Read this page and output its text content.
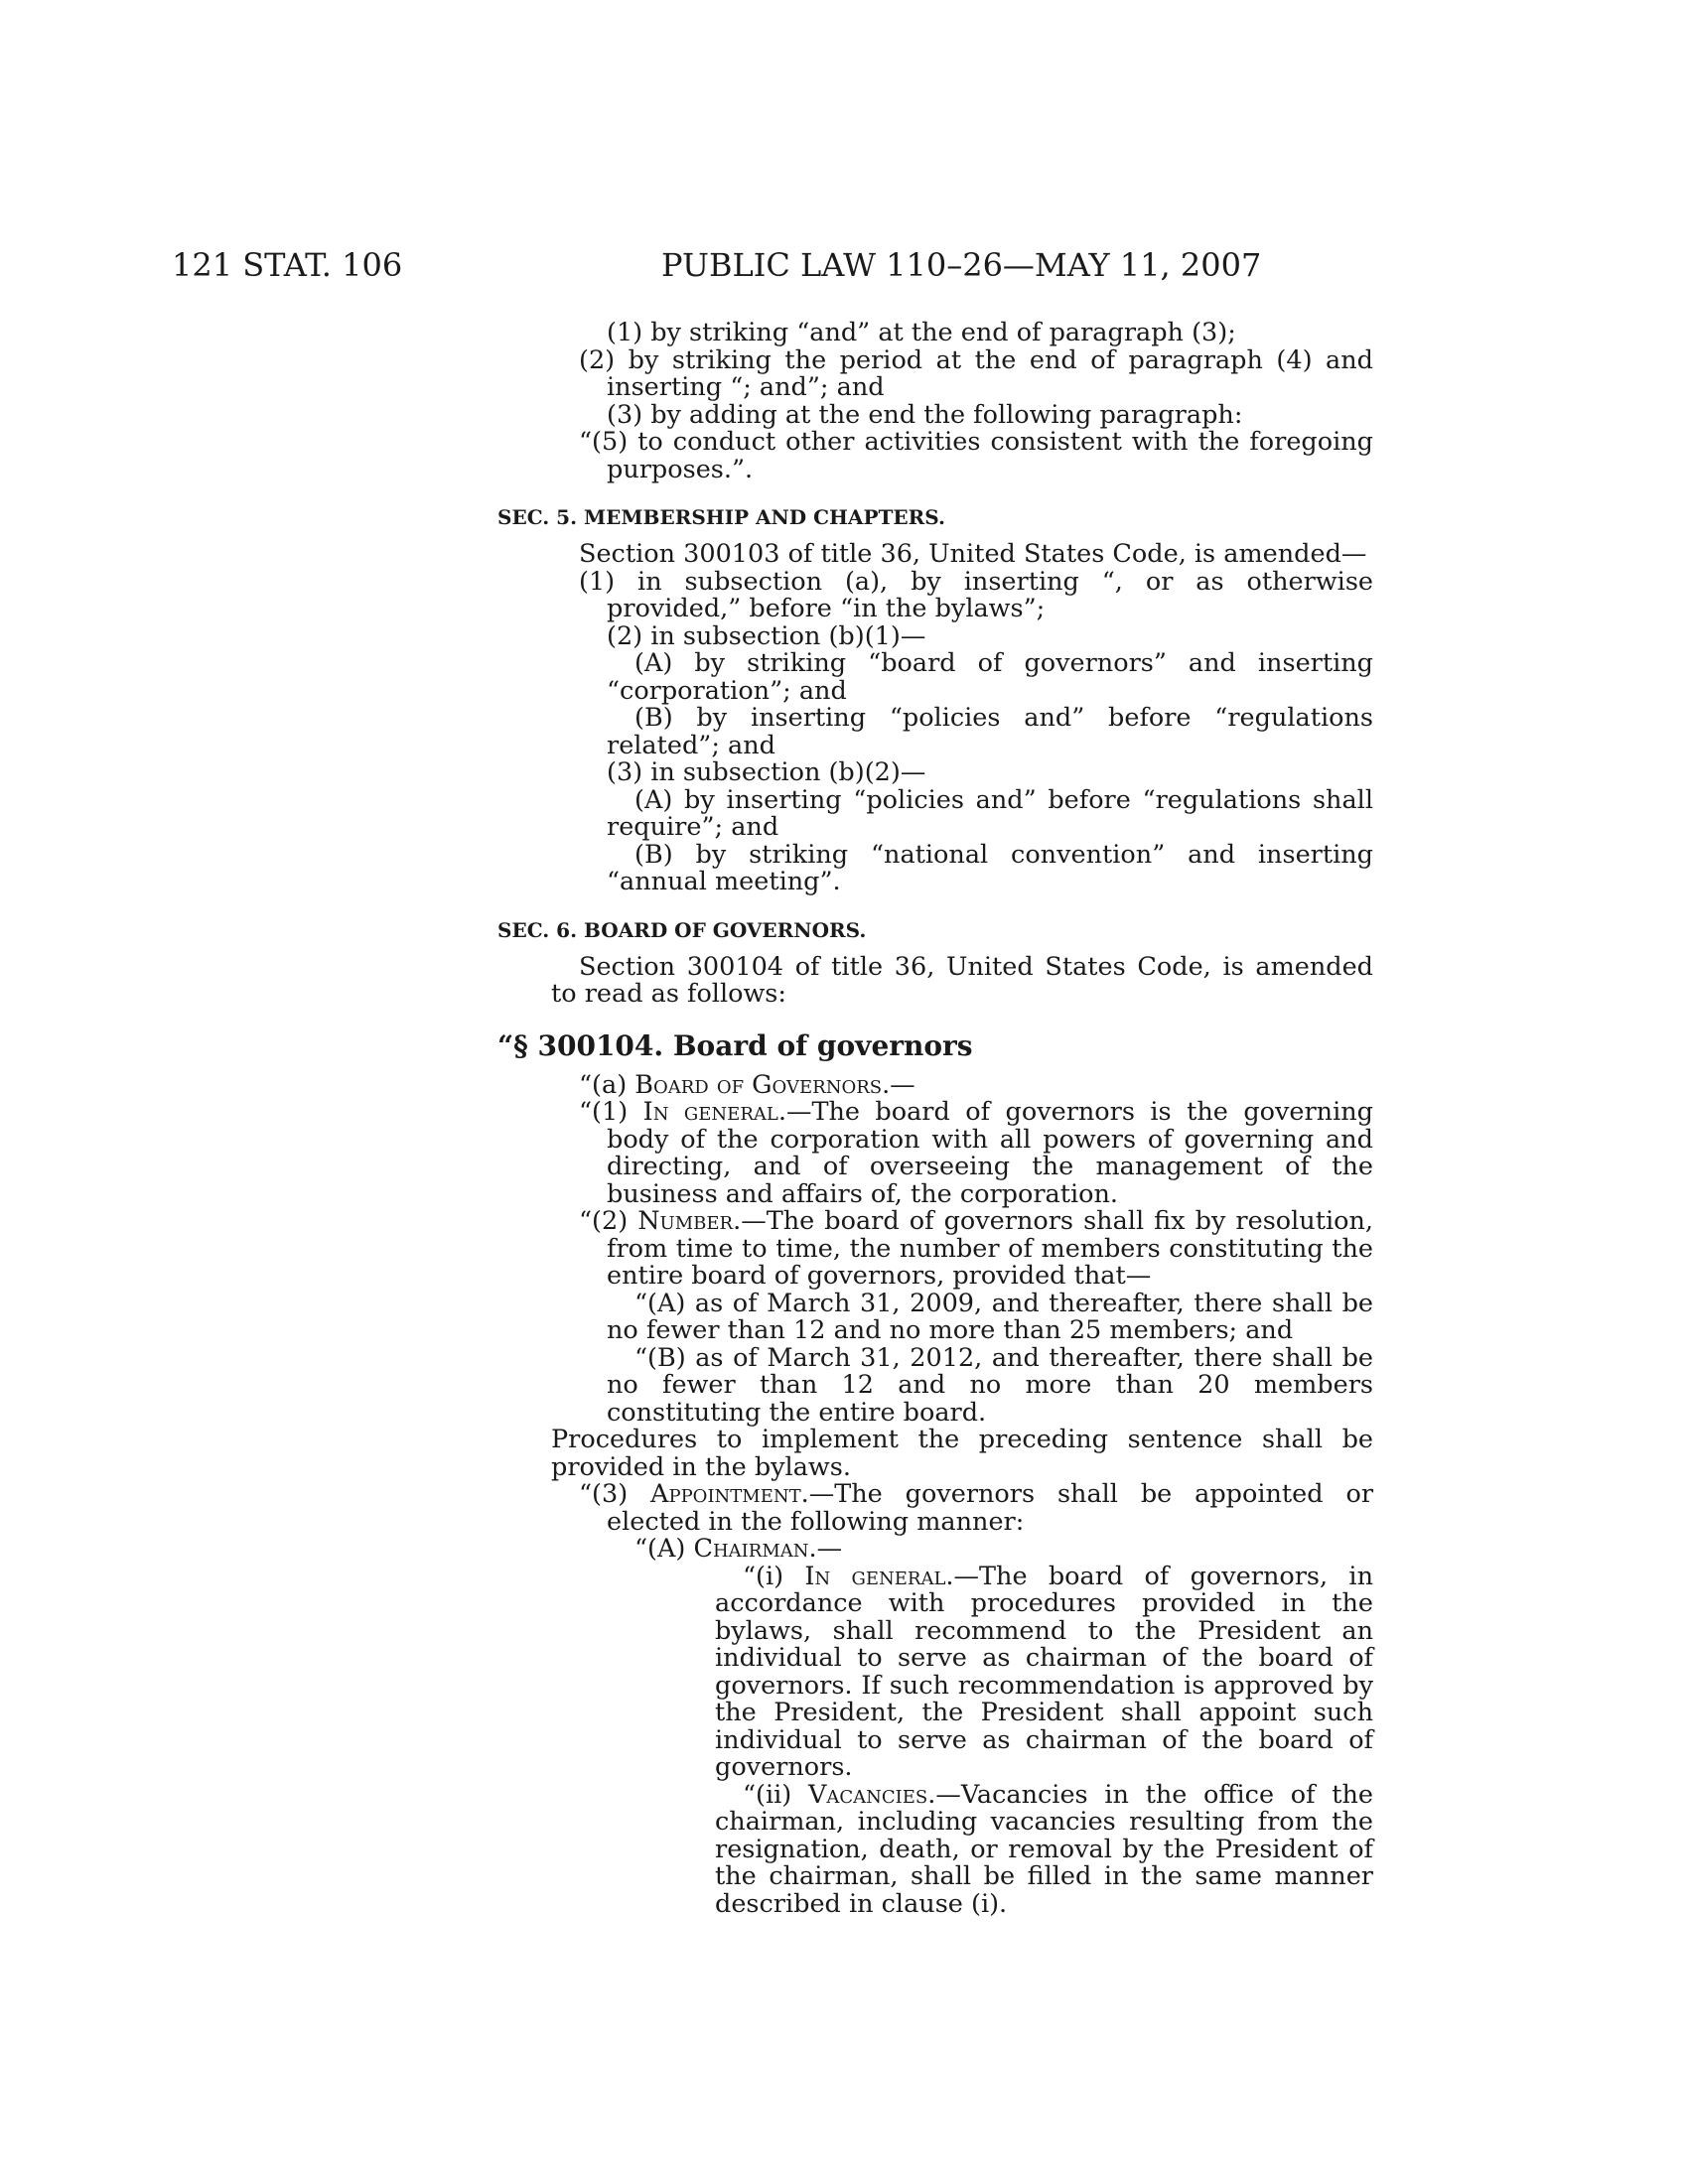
121 STAT. 106	PUBLIC LAW 110–26—MAY 11, 2007

(1) by striking “and” at the end of paragraph (3);

(2) by striking the period at the end of paragraph (4) and inserting “; and”; and

(3) by adding at the end the following paragraph:

“(5) to conduct other activities consistent with the foregoing purposes.”.

SEC. 5. MEMBERSHIP AND CHAPTERS.

Section 300103 of title 36, United States Code, is amended—

(1) in subsection (a), by inserting “, or as otherwise provided,” before “in the bylaws”;

(2) in subsection (b)(1)—

(A) by striking “board of governors” and inserting “corporation”; and

(B) by inserting “policies and” before “regulations related”; and

(3) in subsection (b)(2)—

(A) by inserting “policies and” before “regulations shall require”; and

(B) by striking “national convention” and inserting “annual meeting”.

SEC. 6. BOARD OF GOVERNORS.

Section 300104 of title 36, United States Code, is amended to read as follows:

“§ 300104. Board of governors

“(a) Board of Governors.—

“(1) In general.—The board of governors is the governing body of the corporation with all powers of governing and directing, and of overseeing the management of the business and affairs of, the corporation.

“(2) Number.—The board of governors shall fix by resolution, from time to time, the number of members constituting the entire board of governors, provided that—

“(A) as of March 31, 2009, and thereafter, there shall be no fewer than 12 and no more than 25 members; and

“(B) as of March 31, 2012, and thereafter, there shall be no fewer than 12 and no more than 20 members constituting the entire board.

Procedures to implement the preceding sentence shall be provided in the bylaws.

“(3) Appointment.—The governors shall be appointed or elected in the following manner:

“(A) Chairman.—

“(i) In general.—The board of governors, in accordance with procedures provided in the bylaws, shall recommend to the President an individual to serve as chairman of the board of governors. If such recommendation is approved by the President, the President shall appoint such individual to serve as chairman of the board of governors.

“(ii) Vacancies.—Vacancies in the office of the chairman, including vacancies resulting from the resignation, death, or removal by the President of the chairman, shall be filled in the same manner described in clause (i).
